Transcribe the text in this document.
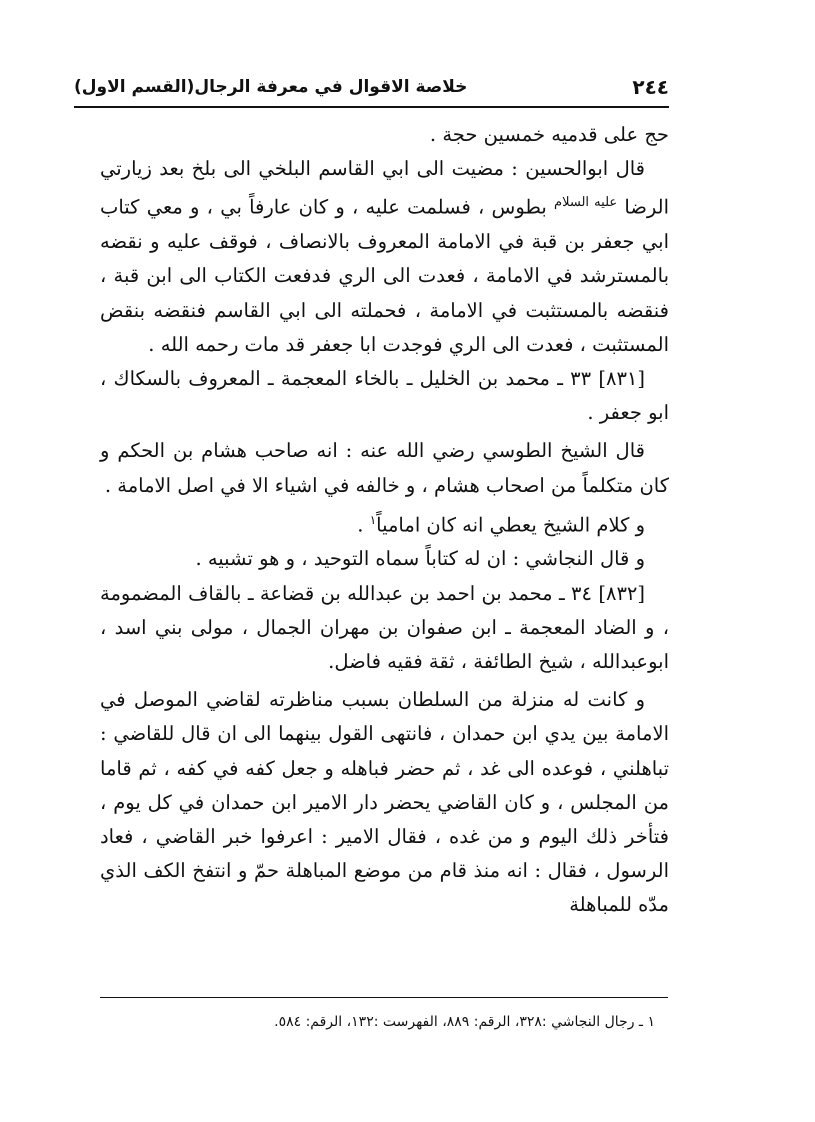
٢٤٤
خلاصة الاقوال في معرفة الرجال(القسم الاول)

حج على قدميه خمسين حجة .

قال ابوالحسين : مضيت الى ابي القاسم البلخي الى بلخ بعد زيارتي الرضا $^{عليه السلام}$ بطوس ، فسلمت عليه ، و كان عارفاً بي ، و معي كتاب ابي جعفر بن قبة في الامامة المعروف بالانصاف ، فوقف عليه و نقضه بالمسترشد في الامامة ، فعدت الى الري فدفعت الكتاب الى ابن قبة ، فنقضه بالمستثبت في الامامة ، فحملته الى ابي القاسم فنقضه بنقض المستثبت ، فعدت الى الري فوجدت ابا جعفر قد مات رحمه الله .

[٨٣١] ٣٣ ـ محمد بن الخليل ـ بالخاء المعجمة ـ المعروف بالسكاك ، ابو جعفر .

قال الشيخ الطوسي رضي الله عنه : انه صاحب هشام بن الحكم و كان متكلماً من اصحاب هشام ، و خالفه في اشياء الا في اصل الامامة .

و كلام الشيخ يعطي انه كان امامياً$^١$ .

و قال النجاشي : ان له كتاباً سماه التوحيد ، و هو تشبيه .

[٨٣٢] ٣٤ ـ محمد بن احمد بن عبدالله بن قضاعة ـ بالقاف المضمومة ، و الضاد المعجمة ـ ابن صفوان بن مهران الجمال ، مولى بني اسد ، ابوعبدالله ، شيخ الطائفة ، ثقة فقيه فاضل.

و كانت له منزلة من السلطان بسبب مناظرته لقاضي الموصل في الامامة بين يدي ابن حمدان ، فانتهى القول بينهما الى ان قال للقاضي : تباهلني ، فوعده الى غد ، ثم حضر فباهله و جعل كفه في كفه ، ثم قاما من المجلس ، و كان القاضي يحضر دار الامير ابن حمدان في كل يوم ، فتأخر ذلك اليوم و من غده ، فقال الامير : اعرفوا خبر القاضي ، فعاد الرسول ، فقال : انه منذ قام من موضع المباهلة حمّ و انتفخ الكف الذي مدّه للمباهلة

١ ـ رجال النجاشي :٣٢٨، الرقم: ٨٨٩، الفهرست :١٣٢، الرقم: ٥٨٤.
